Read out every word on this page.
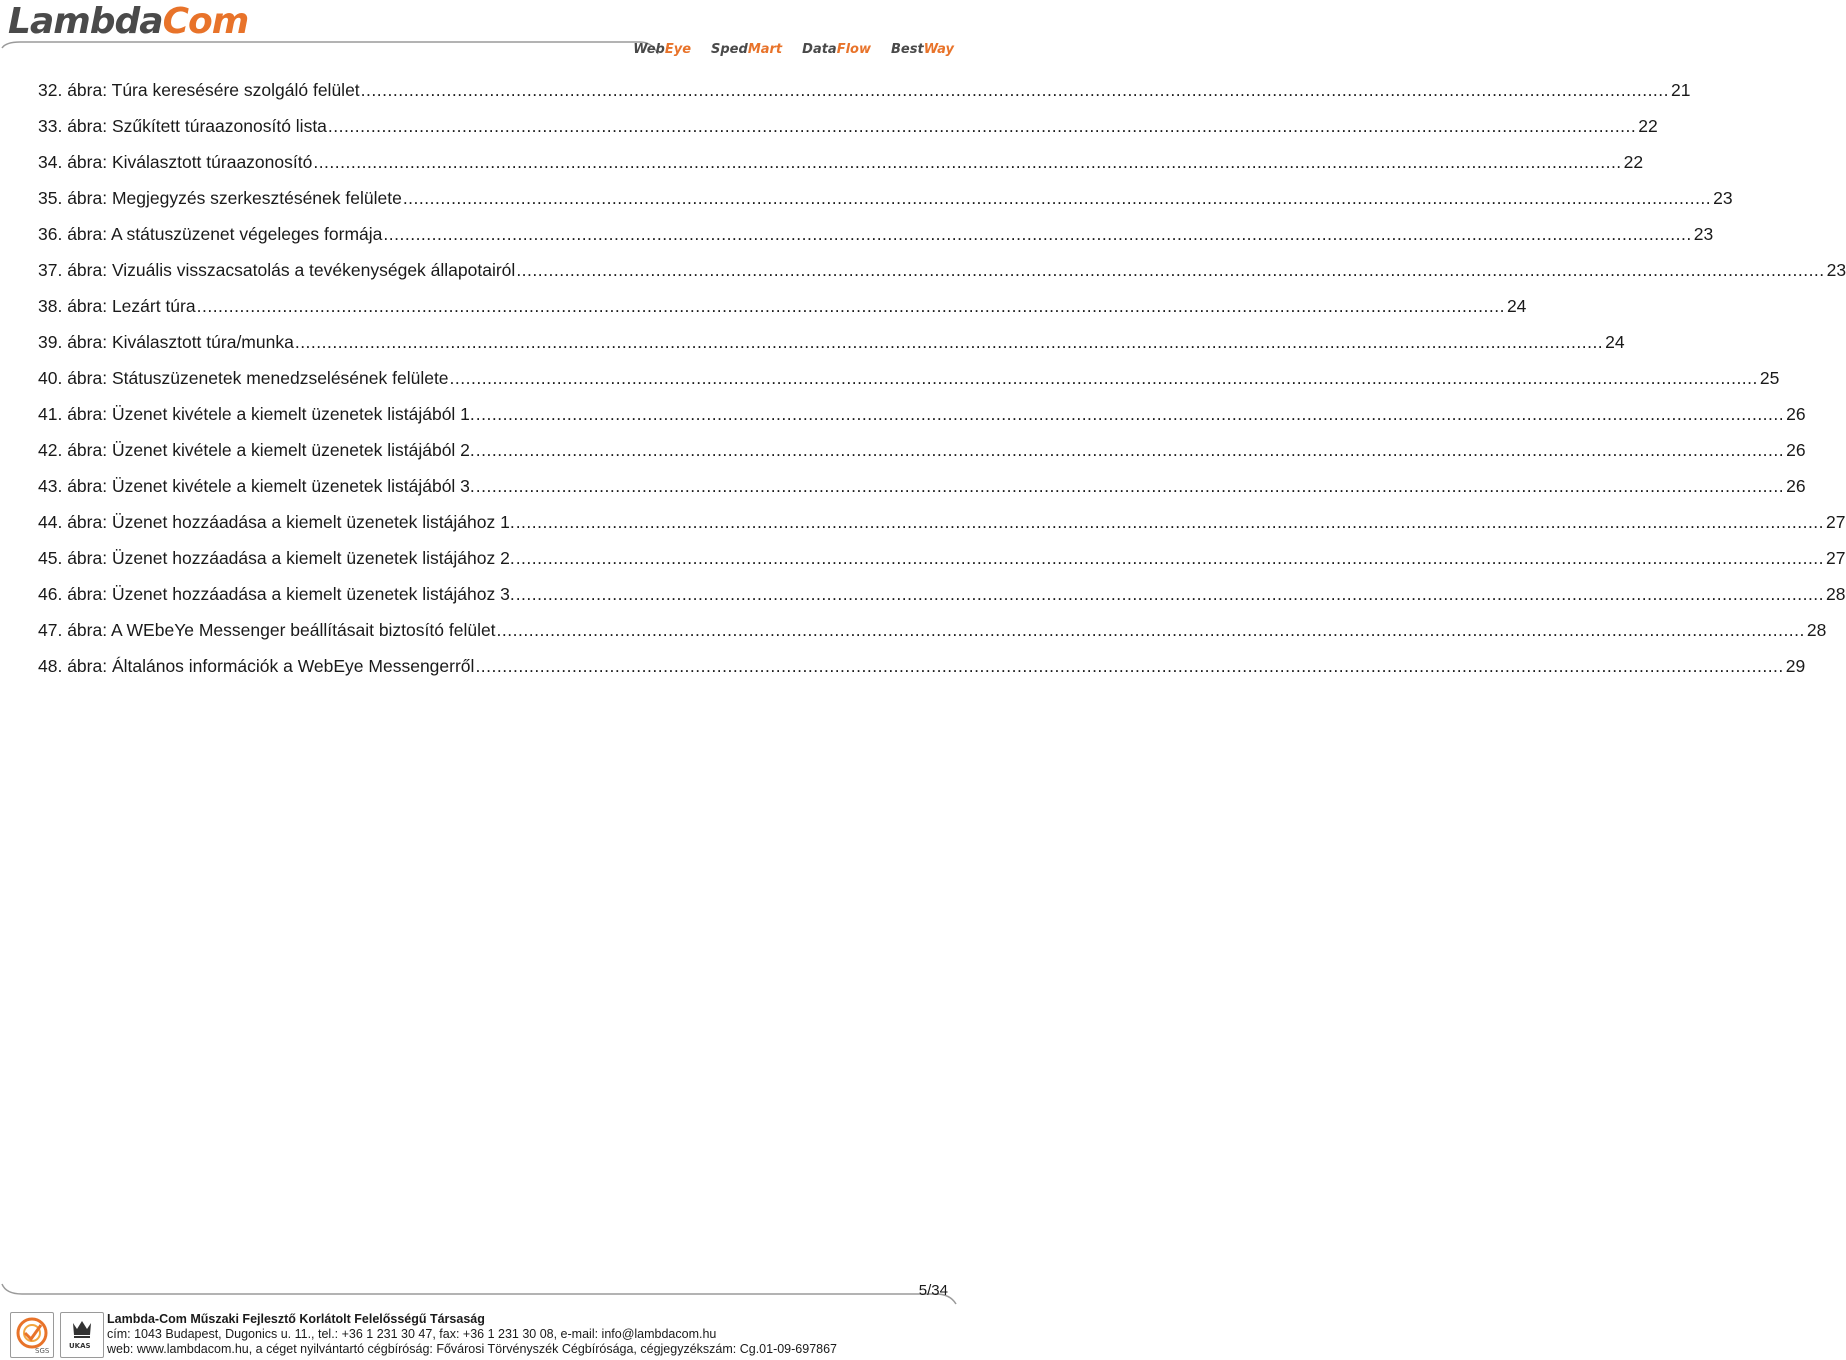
LambdaCom
WebEye SpedMart DataFlow BestWay
32. ábra: Túra keresésére szolgáló felület .................................................................................................................................................................................................................................................... 21
33. ábra: Szűkített túraazonosító lista .................................................................................................................................................................................................................................................... 22
34. ábra: Kiválasztott túraazonosító .................................................................................................................................................................................................................................................... 22
35. ábra: Megjegyzés szerkesztésének felülete .................................................................................................................................................................................................................................................... 23
36. ábra: A státuszüzenet végeleges formája .................................................................................................................................................................................................................................................... 23
37. ábra: Vizuális visszacsatolás a tevékenységek állapotairól .................................................................................................................................................................................................................................................... 23
38. ábra: Lezárt túra .................................................................................................................................................................................................................................................... 24
39. ábra: Kiválasztott túra/munka .................................................................................................................................................................................................................................................... 24
40. ábra: Státuszüzenetek menedzselésének felülete .................................................................................................................................................................................................................................................... 25
41. ábra: Üzenet kivétele a kiemelt üzenetek listájából 1. .................................................................................................................................................................................................................................................... 26
42. ábra: Üzenet kivétele a kiemelt üzenetek listájából 2. .................................................................................................................................................................................................................................................... 26
43. ábra: Üzenet kivétele a kiemelt üzenetek listájából 3. .................................................................................................................................................................................................................................................... 26
44. ábra: Üzenet hozzáadása a kiemelt üzenetek listájához 1. .................................................................................................................................................................................................................................................... 27
45. ábra: Üzenet hozzáadása a kiemelt üzenetek listájához 2. .................................................................................................................................................................................................................................................... 27
46. ábra: Üzenet hozzáadása a kiemelt üzenetek listájához 3. .................................................................................................................................................................................................................................................... 28
47. ábra: A WEbeYe Messenger beállításait biztosító felület .................................................................................................................................................................................................................................................... 28
48. ábra: Általános információk a WebEye Messengerről .................................................................................................................................................................................................................................................... 29
5/34
SGS
UKAS
Lambda-Com Műszaki Fejlesztő Korlátolt Felelősségű Társaság
cím: 1043 Budapest, Dugonics u. 11., tel.: +36 1 231 30 47, fax: +36 1 231 30 08, e-mail: info@lambdacom.hu
web: www.lambdacom.hu, a céget nyilvántartó cégbíróság: Fővárosi Törvényszék Cégbírósága, cégjegyzékszám: Cg.01-09-697867
